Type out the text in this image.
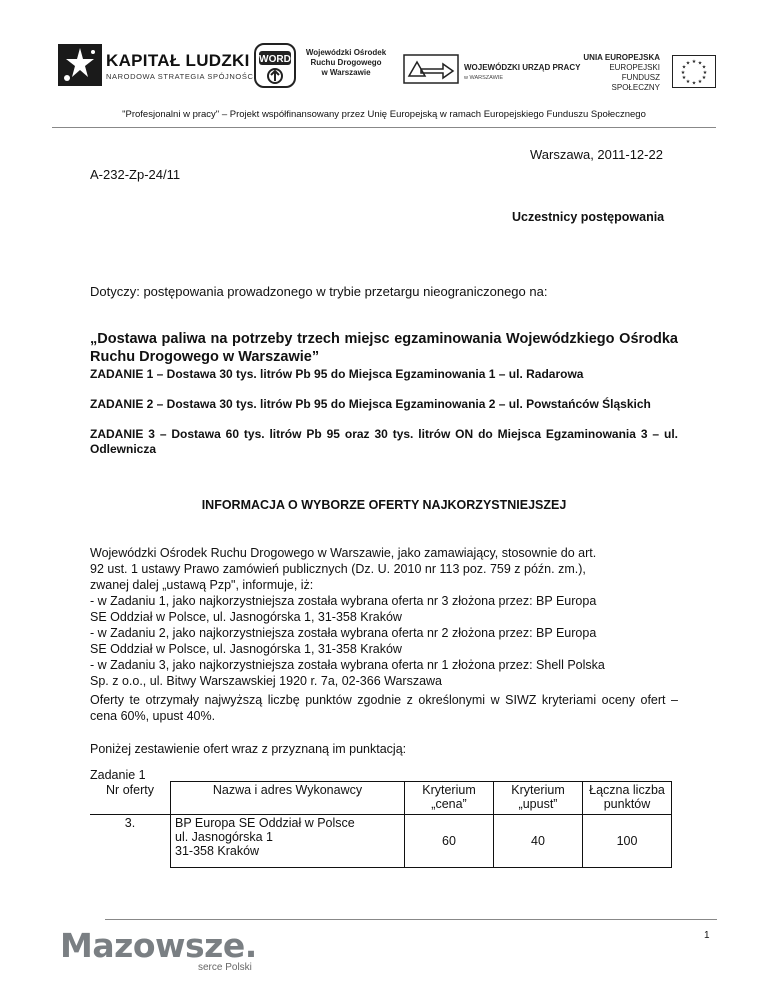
KAPITAŁ LUDZKI
NARODOWA STRATEGIA SPÓJNOŚCI
WORD
Wojewódzki Ośrodek
Ruchu Drogowego
w Warszawie
WOJEWÓDZKI URZĄD PRACY
w WARSZAWIE
UNIA EUROPEJSKA
EUROPEJSKI
FUNDUSZ SPOŁECZNY
★ ★
★
★
★
★
★
★
★
★
★
★
"Profesjonalni w pracy" – Projekt współfinansowany przez Unię Europejską w ramach Europejskiego Funduszu Społecznego
Warszawa, 2011-12-22
A-232-Zp-24/11
Uczestnicy postępowania
Dotyczy: postępowania prowadzonego w trybie przetargu nieograniczonego na:
„Dostawa paliwa na potrzeby trzech miejsc egzaminowania Wojewódzkiego Ośrodka Ruchu Drogowego w Warszawie”
ZADANIE 1 – Dostawa 30 tys. litrów Pb 95 do Miejsca Egzaminowania 1 – ul. Radarowa
ZADANIE 2 – Dostawa 30 tys. litrów Pb 95 do Miejsca Egzaminowania 2 – ul. Powstańców Śląskich
ZADANIE 3 – Dostawa 60 tys. litrów Pb 95 oraz 30 tys. litrów ON do Miejsca Egzaminowania 3 – ul. Odlewnicza
INFORMACJA O WYBORZE OFERTY NAJKORZYSTNIEJSZEJ
Wojewódzki Ośrodek Ruchu Drogowego w Warszawie, jako zamawiający, stosownie do art.
92 ust. 1 ustawy Prawo zamówień publicznych (Dz. U. 2010 nr 113 poz. 759 z późn. zm.),
zwanej dalej „ustawą Pzp", informuje, iż:
- w Zadaniu 1, jako najkorzystniejsza została wybrana oferta nr 3 złożona przez: BP Europa
SE Oddział w Polsce, ul. Jasnogórska 1, 31-358 Kraków
- w Zadaniu 2, jako najkorzystniejsza została wybrana oferta nr 2 złożona przez: BP Europa
SE Oddział w Polsce, ul. Jasnogórska 1, 31-358 Kraków
- w Zadaniu 3, jako najkorzystniejsza została wybrana oferta nr 1 złożona przez: Shell Polska
Sp. z o.o., ul. Bitwy Warszawskiej 1920 r. 7a, 02-366 Warszawa
Oferty te otrzymały najwyższą liczbę punktów zgodnie z określonymi w SIWZ kryteriami oceny ofert – cena 60%, upust 40%.
Poniżej zestawienie ofert wraz z przyznaną im punktacją:
Zadanie 1
Nr oferty	Nazwa i adres Wykonawcy	Kryterium „cena”	Kryterium „upust”	Łączna liczba punktów
3.	BP Europa SE Oddział w Polsce
ul. Jasnogórska 1
31-358 Kraków	60	40	100
Mazowsze.
serce Polski
1
